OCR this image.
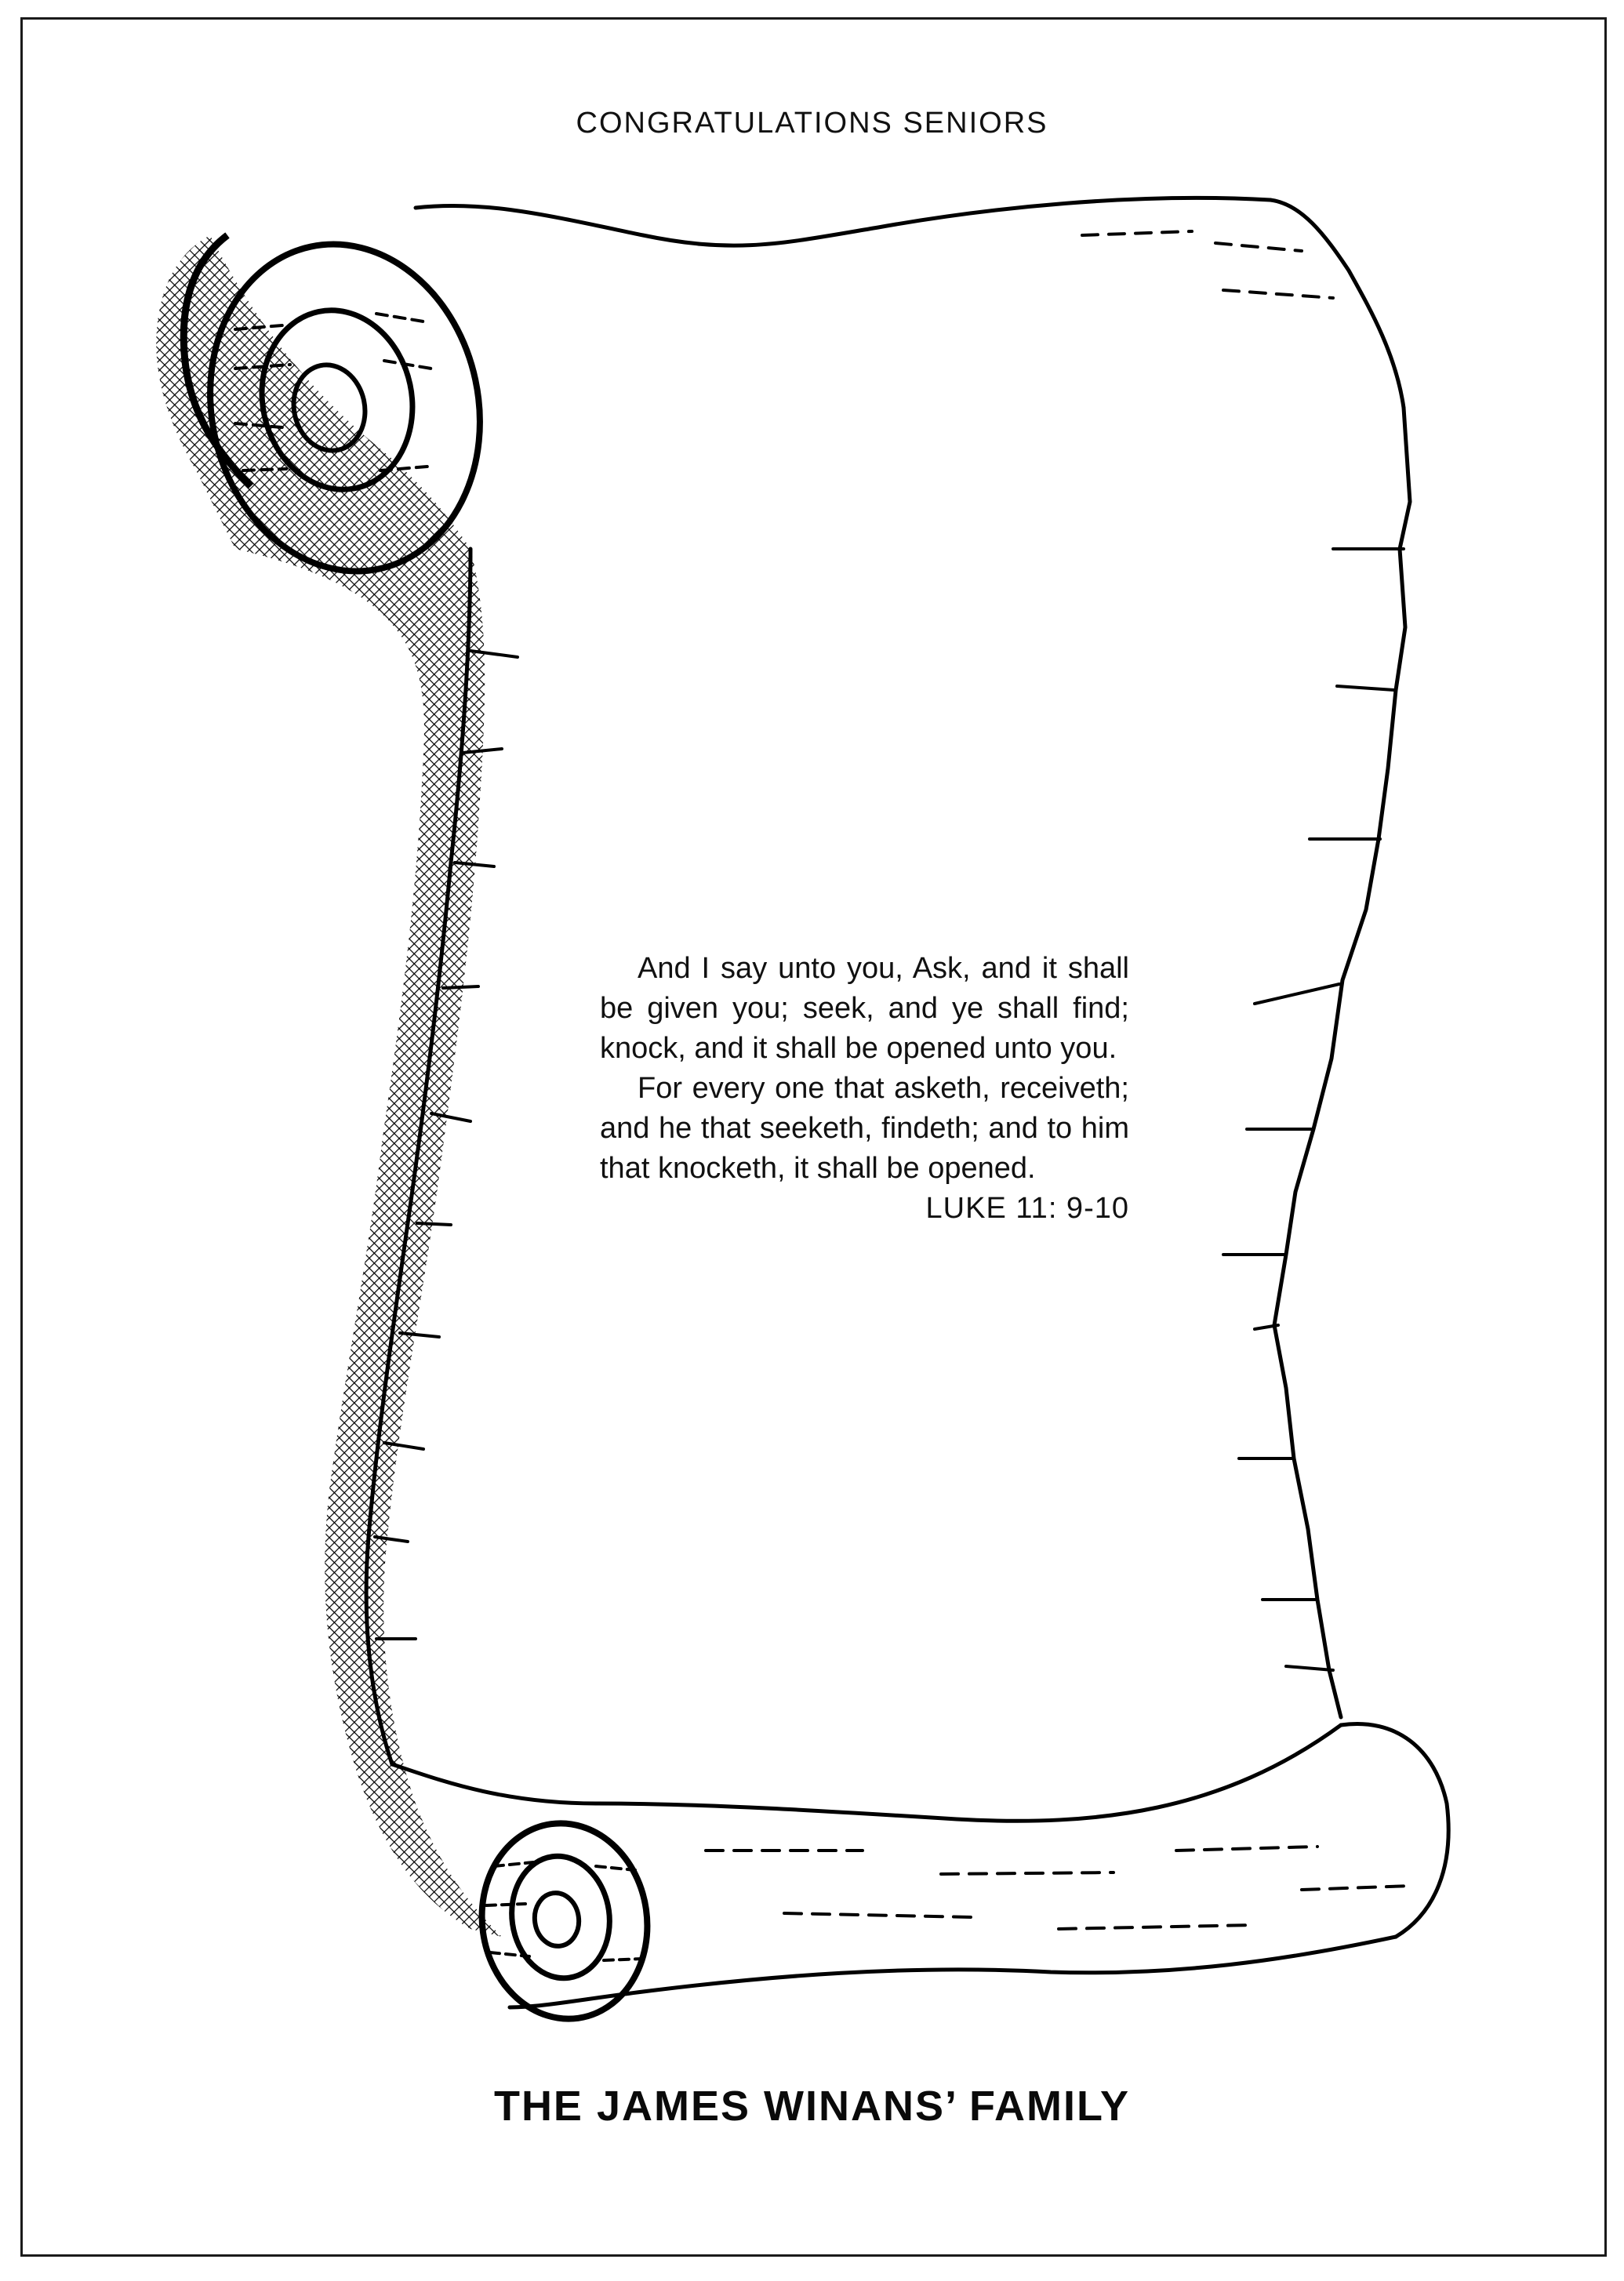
CONGRATULATIONS SENIORS

And I say unto you, Ask, and it shall be given you; seek, and ye shall find; knock, and it shall be opened unto you.

For every one that asketh, receiveth; and he that seeketh, findeth; and to him that knocketh, it shall be opened.

LUKE 11: 9-10

THE JAMES WINANS’ FAMILY
